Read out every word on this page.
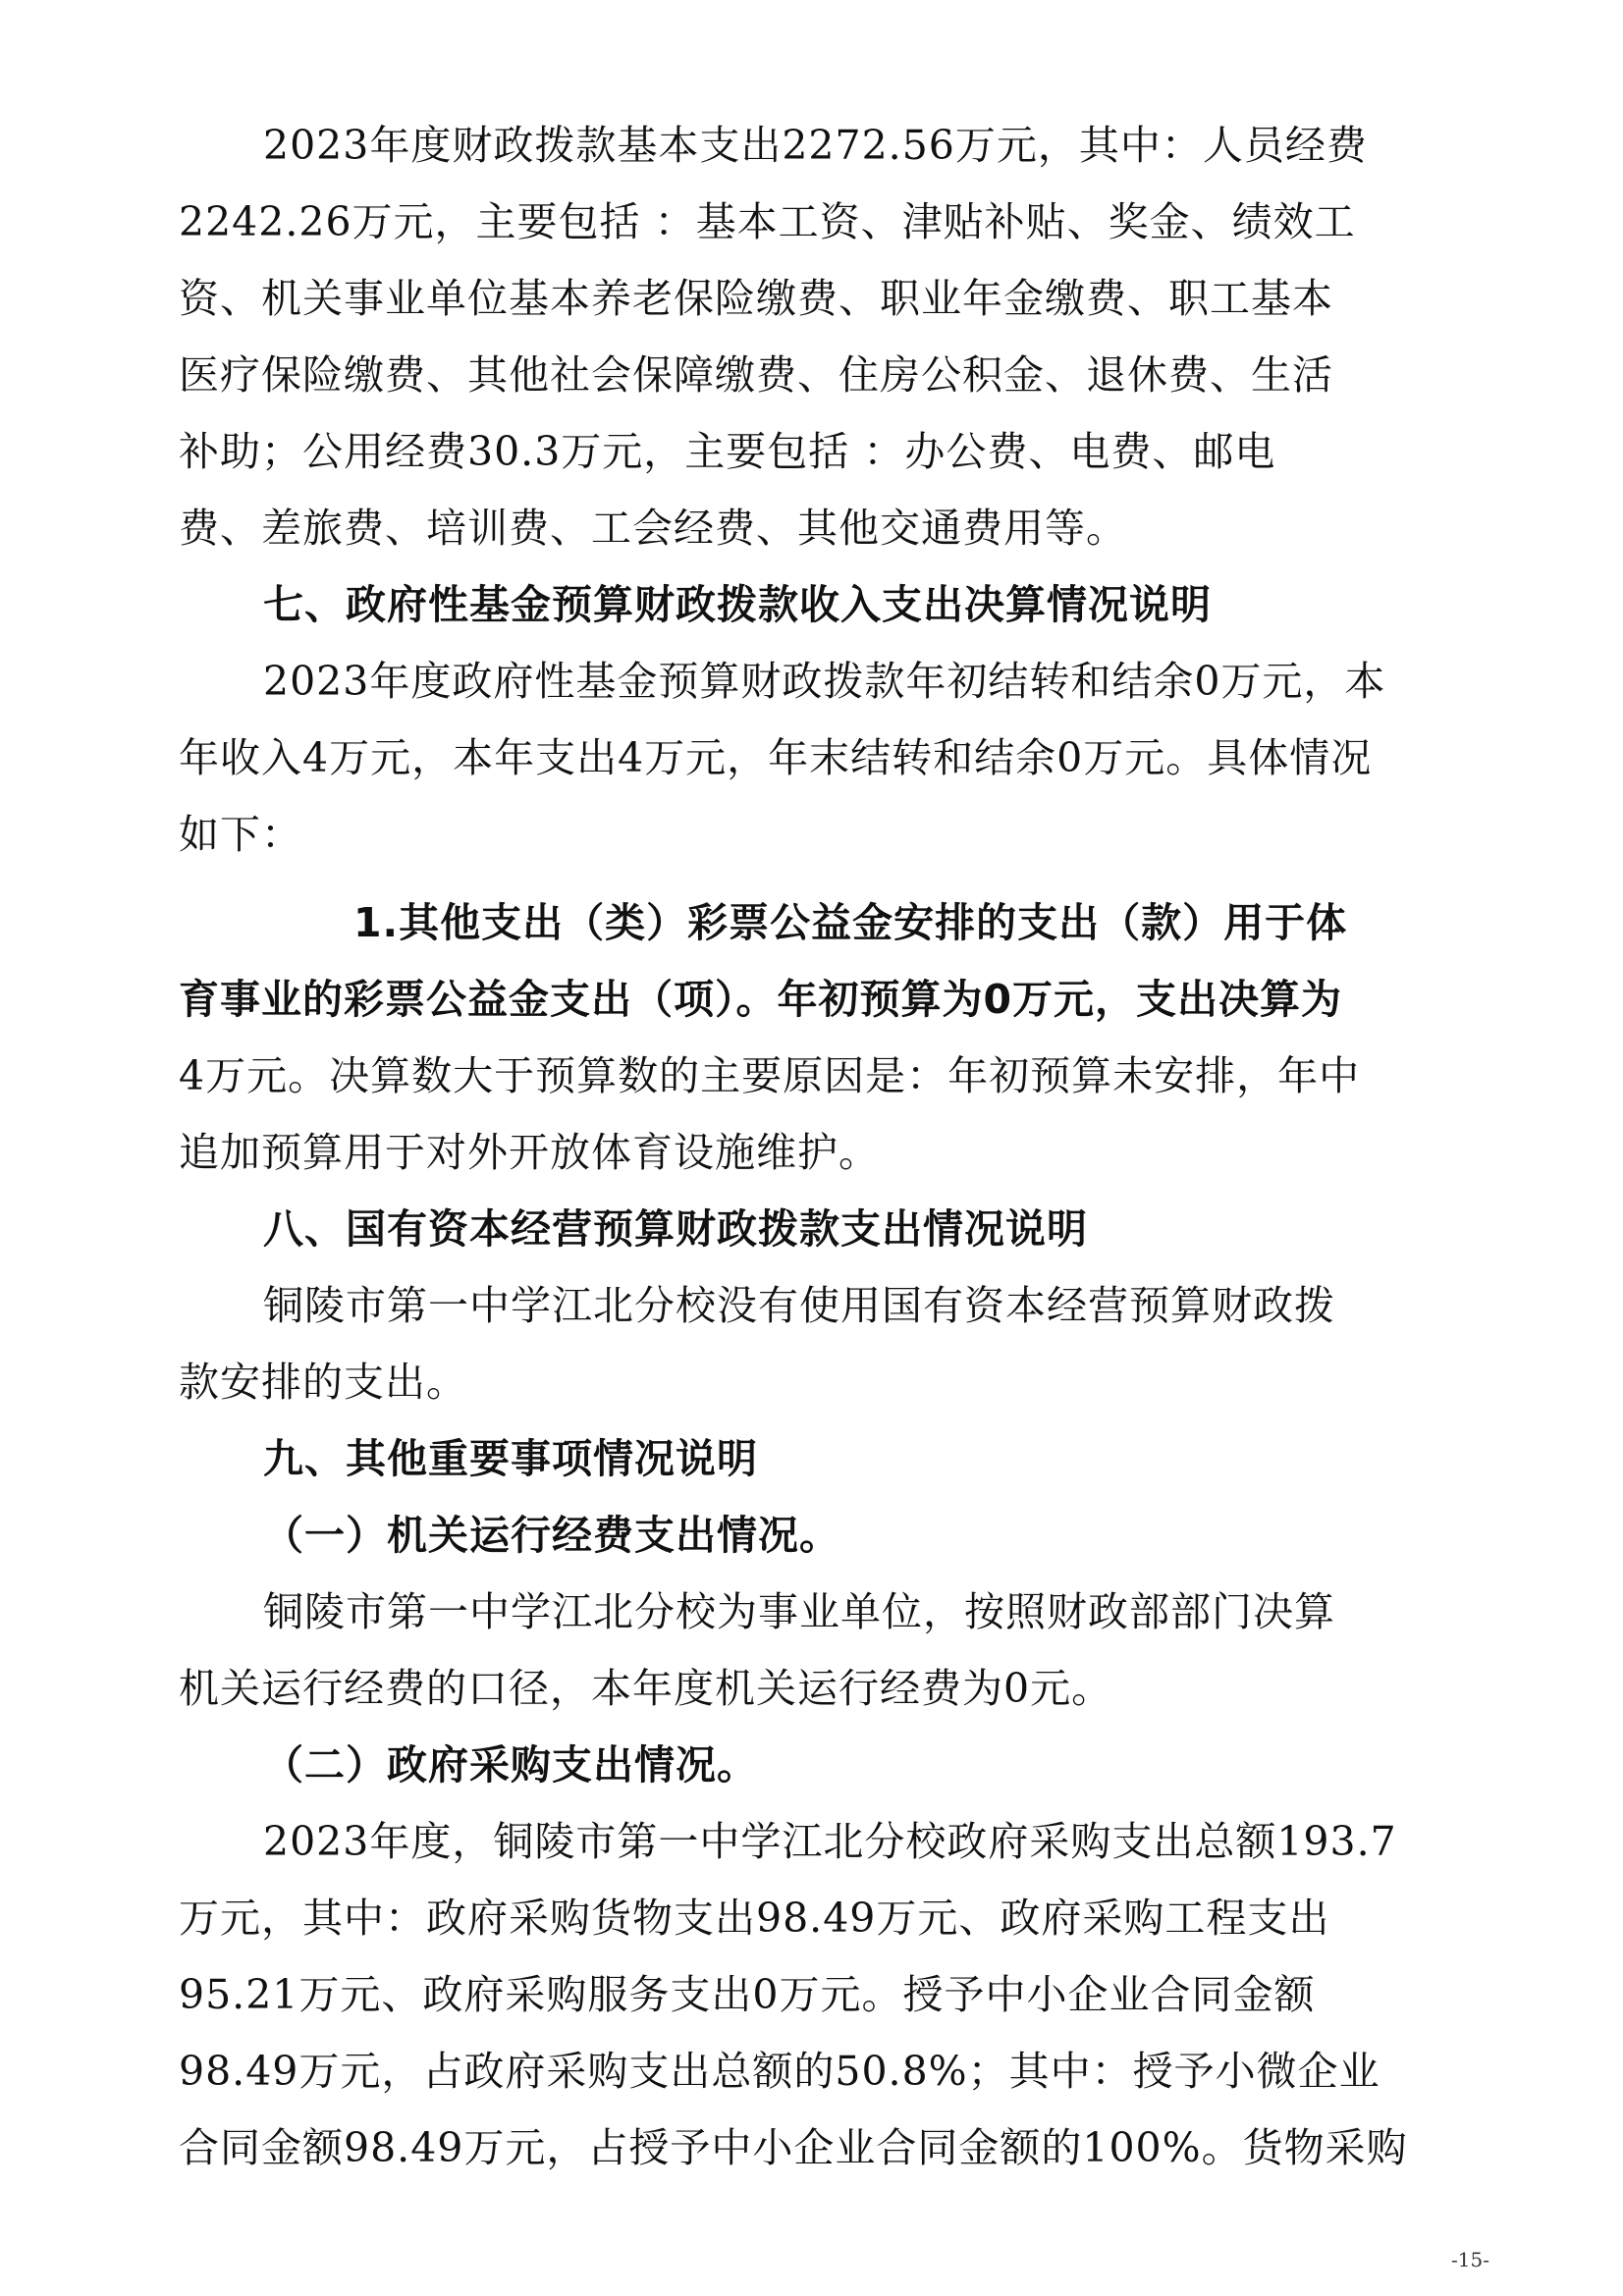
2023年度财政拨款基本支出2272.56万元，其中：人员经费
2242.26万元，主要包括 ：基本工资、津贴补贴、奖金、绩效工
资、机关事业单位基本养老保险缴费、职业年金缴费、职工基本
医疗保险缴费、其他社会保障缴费、住房公积金、退休费、生活
补助；公用经费30.3万元，主要包括 ：办公费、电费、邮电
费、差旅费、培训费、工会经费、其他交通费用等。
七、政府性基金预算财政拨款收入支出决算情况说明
2023年度政府性基金预算财政拨款年初结转和结余0万元，本
年收入4万元，本年支出4万元，年末结转和结余0万元。具体情况
如下：
1.其他支出（类）彩票公益金安排的支出（款）用于体
育事业的彩票公益金支出（项）。年初预算为0万元，支出决算为
4万元。决算数大于预算数的主要原因是：年初预算未安排，年中
追加预算用于对外开放体育设施维护。
八、国有资本经营预算财政拨款支出情况说明
铜陵市第一中学江北分校没有使用国有资本经营预算财政拨
款安排的支出。
九、其他重要事项情况说明
（一）机关运行经费支出情况。
铜陵市第一中学江北分校为事业单位，按照财政部部门决算
机关运行经费的口径，本年度机关运行经费为0元。
（二）政府采购支出情况。
2023年度，铜陵市第一中学江北分校政府采购支出总额193.7
万元，其中：政府采购货物支出98.49万元、政府采购工程支出
95.21万元、政府采购服务支出0万元。授予中小企业合同金额
98.49万元，占政府采购支出总额的50.8%；其中：授予小微企业
合同金额98.49万元，占授予中小企业合同金额的100%。货物采购
-15-
